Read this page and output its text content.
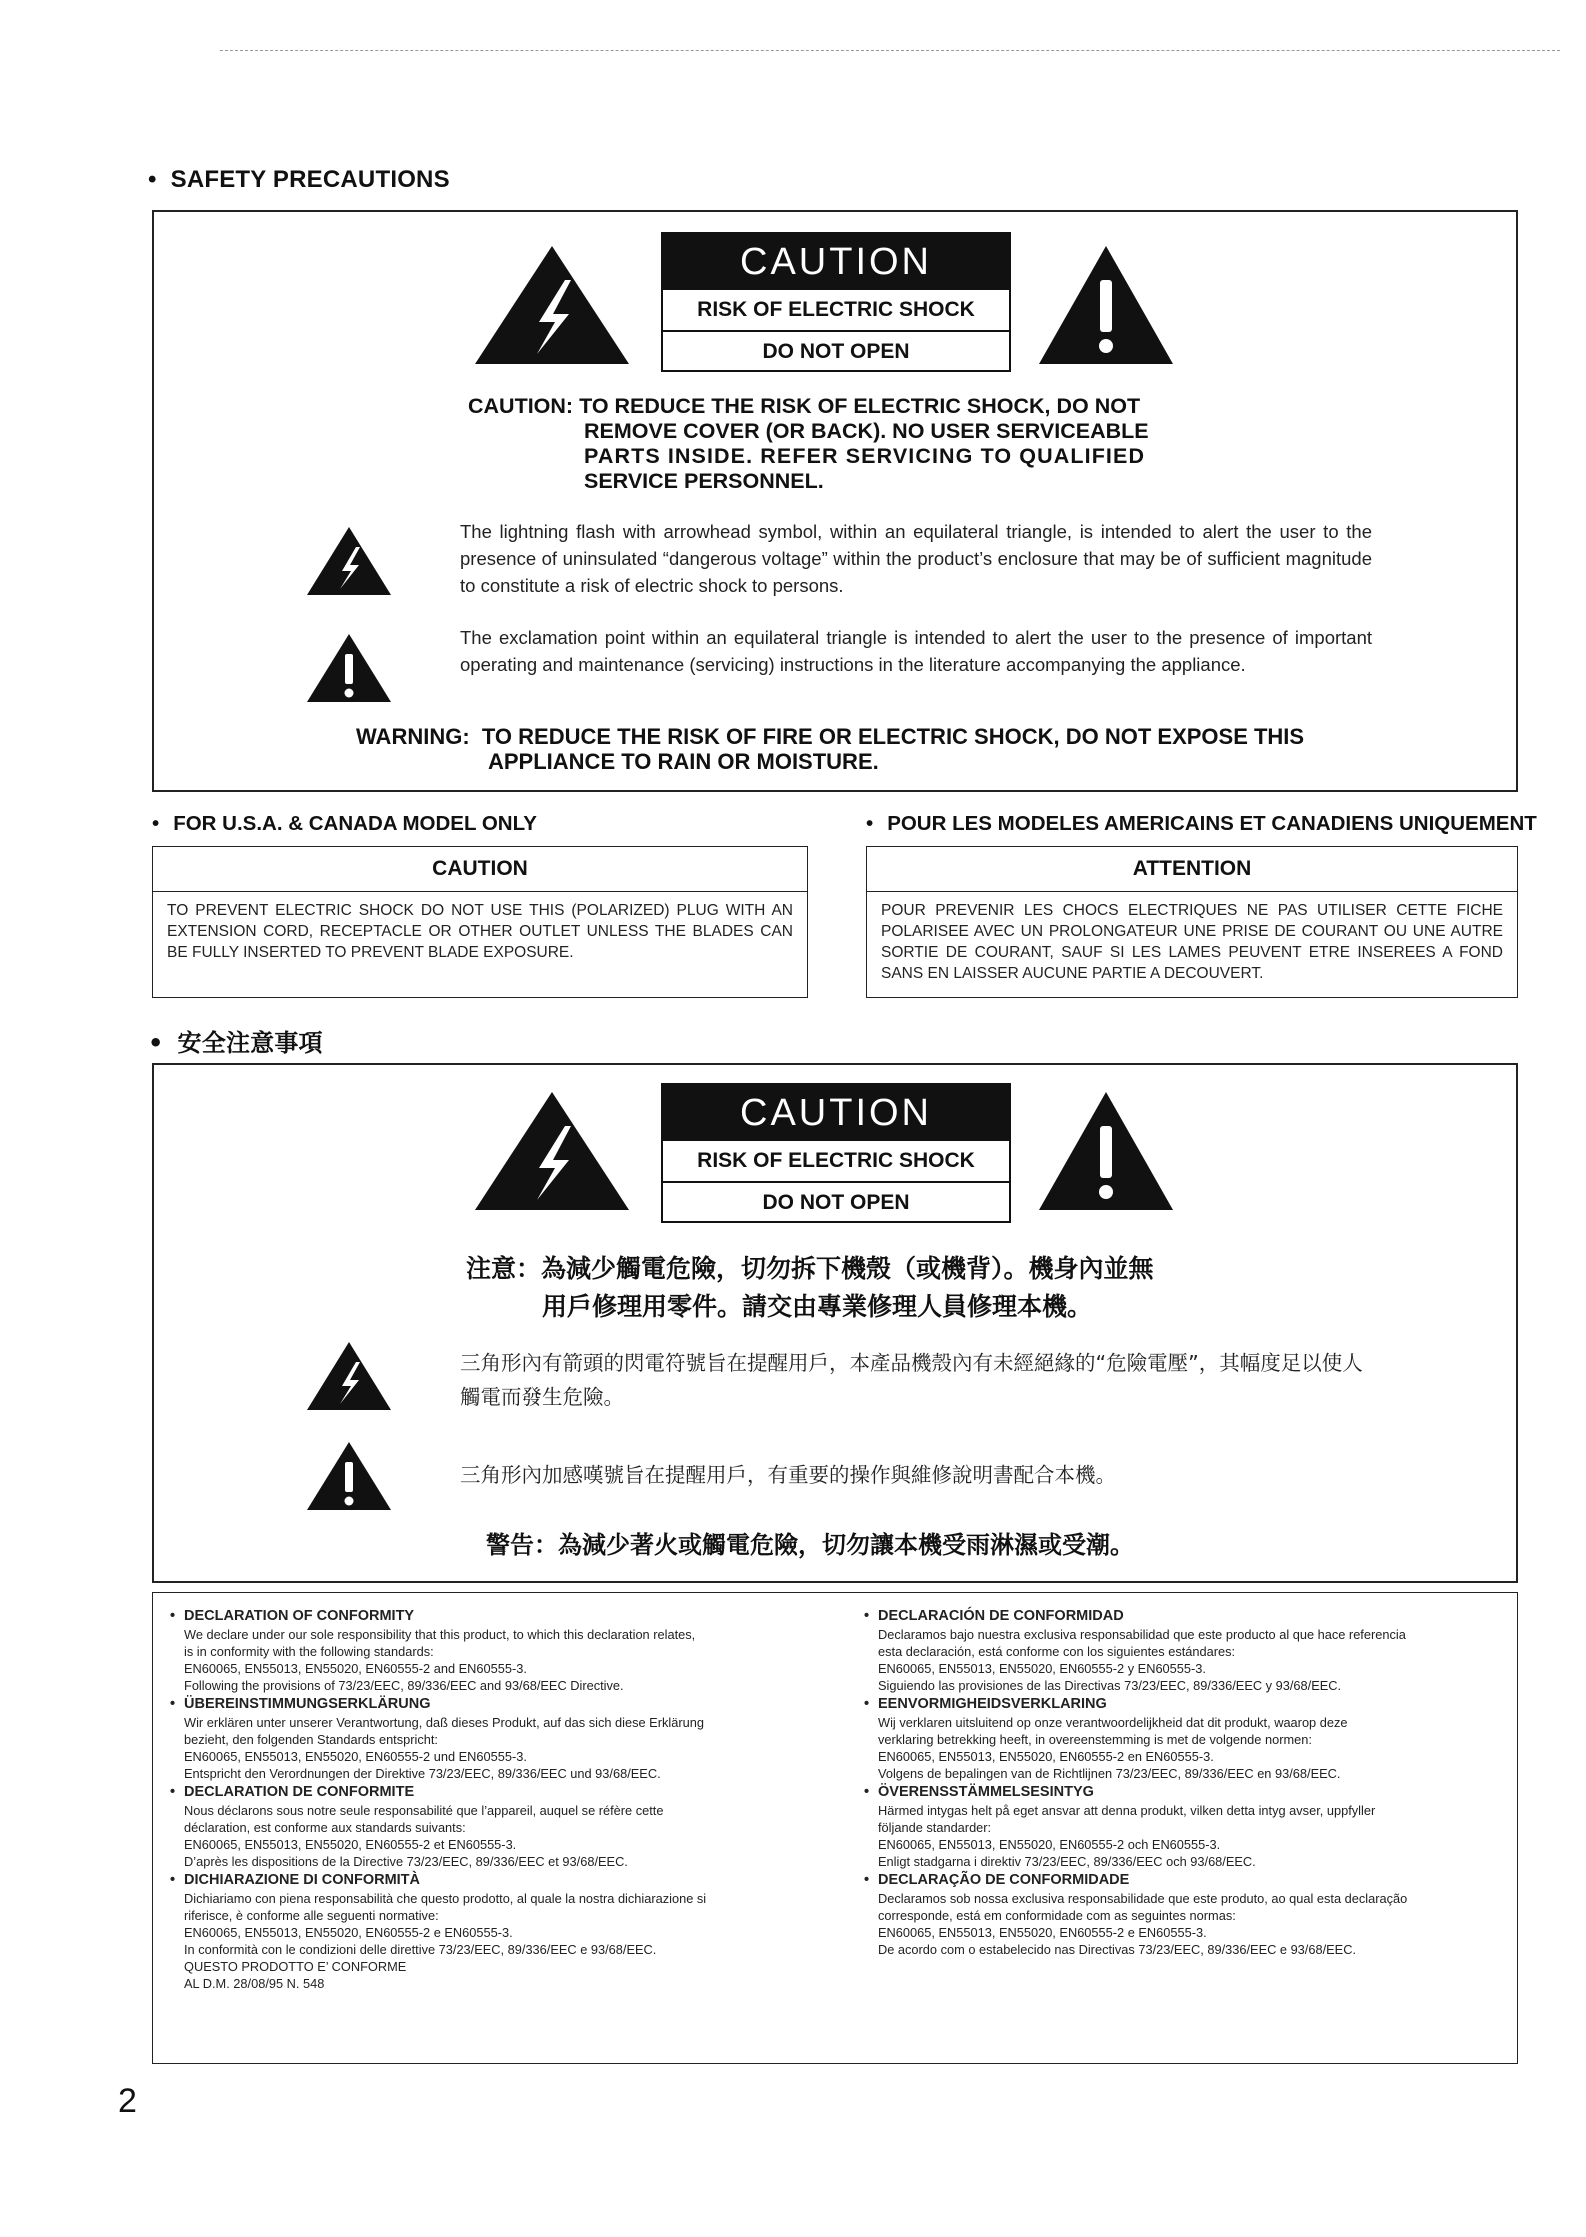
• SAFETY PRECAUTIONS
CAUTION
RISK OF ELECTRIC SHOCK
DO NOT OPEN
CAUTION: TO REDUCE THE RISK OF ELECTRIC SHOCK, DO NOT
REMOVE COVER (OR BACK). NO USER SERVICEABLE
PARTS INSIDE. REFER SERVICING TO QUALIFIED
SERVICE PERSONNEL.
The lightning flash with arrowhead symbol, within an equilateral triangle, is intended to alert the user to the presence of uninsulated “dangerous voltage” within the product’s enclosure that may be of sufficient magnitude to constitute a risk of electric shock to persons.
The exclamation point within an equilateral triangle is intended to alert the user to the presence of important operating and maintenance (servicing) instructions in the literature accompanying the appliance.
WARNING:  TO REDUCE THE RISK OF FIRE OR ELECTRIC SHOCK, DO NOT EXPOSE THIS
APPLIANCE TO RAIN OR MOISTURE.
• FOR U.S.A. & CANADA MODEL ONLY
CAUTION
TO PREVENT ELECTRIC SHOCK DO NOT USE THIS (POLARIZED) PLUG WITH AN EXTENSION CORD, RECEPTACLE OR OTHER OUTLET UNLESS THE BLADES CAN BE FULLY INSERTED TO PREVENT BLADE EXPOSURE.
• POUR LES MODELES AMERICAINS ET CANADIENS UNIQUEMENT
ATTENTION
POUR PREVENIR LES CHOCS ELECTRIQUES NE PAS UTILISER CETTE FICHE POLARISEE AVEC UN PROLONGATEUR UNE PRISE DE COURANT OU UNE AUTRE SORTIE DE COURANT, SAUF SI LES LAMES PEUVENT ETRE INSEREES A FOND SANS EN LAISSER AUCUNE PARTIE A DECOUVERT.
• 安全注意事項
CAUTION
RISK OF ELECTRIC SHOCK
DO NOT OPEN
注意：為減少觸電危險，切勿拆下機殼（或機背）。機身內並無
用戶修理用零件。請交由專業修理人員修理本機。
三角形內有箭頭的閃電符號旨在提醒用戶，本產品機殼內有未經絕緣的“危險電壓”，其幅度足以使人觸電而發生危險。
三角形內加感嘆號旨在提醒用戶，有重要的操作與維修說明書配合本機。
警告：為減少著火或觸電危險，切勿讓本機受雨淋濕或受潮。
• DECLARATION OF CONFORMITY
We declare under our sole responsibility that this product, to which this declaration relates,
is in conformity with the following standards:
EN60065, EN55013, EN55020, EN60555-2 and EN60555-3.
Following the provisions of 73/23/EEC, 89/336/EEC and 93/68/EEC Directive.
• ÜBEREINSTIMMUNGSERKLÄRUNG
Wir erklären unter unserer Verantwortung, daß dieses Produkt, auf das sich diese Erklärung
bezieht, den folgenden Standards entspricht:
EN60065, EN55013, EN55020, EN60555-2 und EN60555-3.
Entspricht den Verordnungen der Direktive 73/23/EEC, 89/336/EEC und 93/68/EEC.
• DECLARATION DE CONFORMITE
Nous déclarons sous notre seule responsabilité que l’appareil, auquel se réfère cette
déclaration, est conforme aux standards suivants:
EN60065, EN55013, EN55020, EN60555-2 et EN60555-3.
D’après les dispositions de la Directive 73/23/EEC, 89/336/EEC et 93/68/EEC.
• DICHIARAZIONE DI CONFORMITÀ
Dichiariamo con piena responsabilità che questo prodotto, al quale la nostra dichiarazione si
riferisce, è conforme alle seguenti normative:
EN60065, EN55013, EN55020, EN60555-2 e EN60555-3.
In conformità con le condizioni delle direttive 73/23/EEC, 89/336/EEC e 93/68/EEC.
QUESTO PRODOTTO E’ CONFORME
AL D.M. 28/08/95 N. 548
• DECLARACIÓN DE CONFORMIDAD
Declaramos bajo nuestra exclusiva responsabilidad que este producto al que hace referencia
esta declaración, está conforme con los siguientes estándares:
EN60065, EN55013, EN55020, EN60555-2 y EN60555-3.
Siguiendo las provisiones de las Directivas 73/23/EEC, 89/336/EEC y 93/68/EEC.
• EENVORMIGHEIDSVERKLARING
Wij verklaren uitsluitend op onze verantwoordelijkheid dat dit produkt, waarop deze
verklaring betrekking heeft, in overeenstemming is met de volgende normen:
EN60065, EN55013, EN55020, EN60555-2 en EN60555-3.
Volgens de bepalingen van de Richtlijnen 73/23/EEC, 89/336/EEC en 93/68/EEC.
• ÖVERENSSTÄMMELSESINTYG
Härmed intygas helt på eget ansvar att denna produkt, vilken detta intyg avser, uppfyller
följande standarder:
EN60065, EN55013, EN55020, EN60555-2 och EN60555-3.
Enligt stadgarna i direktiv 73/23/EEC, 89/336/EEC och 93/68/EEC.
• DECLARAÇÃO DE CONFORMIDADE
Declaramos sob nossa exclusiva responsabilidade que este produto, ao qual esta declaração
corresponde, está em conformidade com as seguintes normas:
EN60065, EN55013, EN55020, EN60555-2 e EN60555-3.
De acordo com o estabelecido nas Directivas 73/23/EEC, 89/336/EEC e 93/68/EEC.
2
